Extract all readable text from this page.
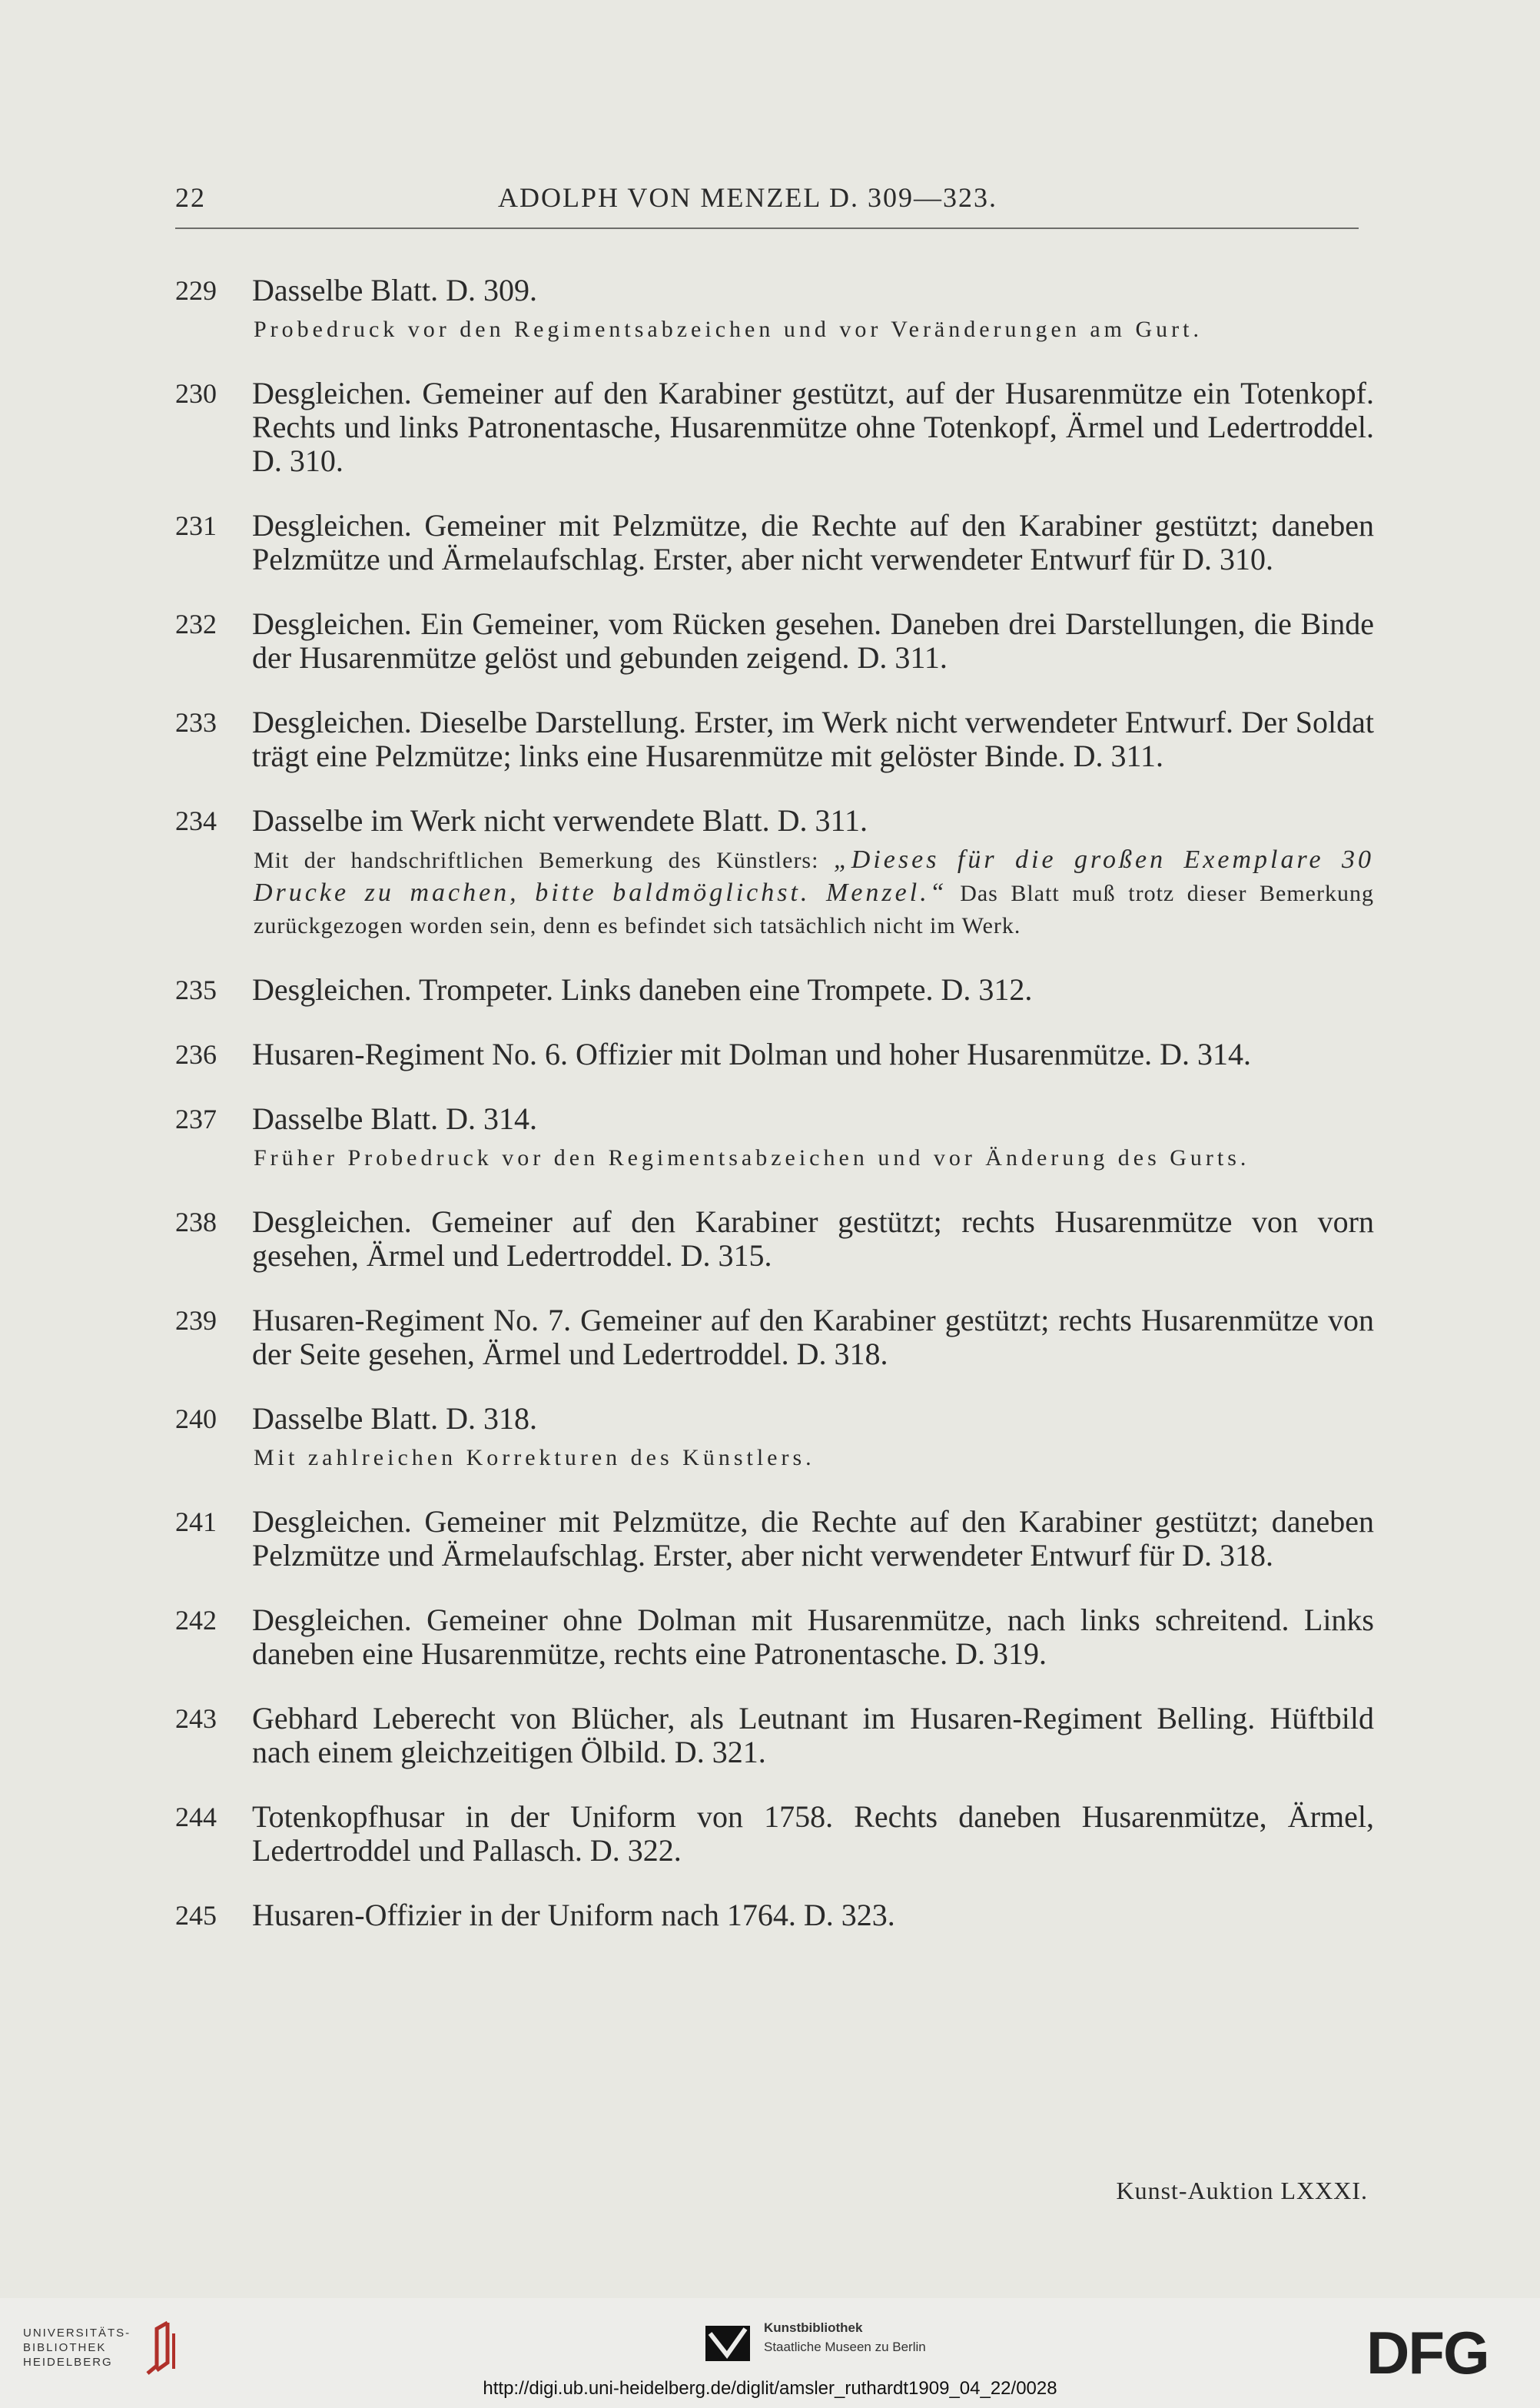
22	ADOLPH VON MENZEL D. 309—323.
229	Dasselbe Blatt. D. 309.
Probedruck vor den Regimentsabzeichen und vor Veränderungen am Gurt.
230	Desgleichen. Gemeiner auf den Karabiner gestützt, auf der Husarenmütze ein Totenkopf. Rechts und links Patronentasche, Husarenmütze ohne Totenkopf, Ärmel und Ledertroddel. D. 310.
231	Desgleichen. Gemeiner mit Pelzmütze, die Rechte auf den Karabiner gestützt; daneben Pelzmütze und Ärmelaufschlag. Erster, aber nicht verwendeter Entwurf für D. 310.
232	Desgleichen. Ein Gemeiner, vom Rücken gesehen. Daneben drei Darstellungen, die Binde der Husarenmütze gelöst und gebunden zeigend. D. 311.
233	Desgleichen. Dieselbe Darstellung. Erster, im Werk nicht verwendeter Entwurf. Der Soldat trägt eine Pelzmütze; links eine Husarenmütze mit gelöster Binde. D. 311.
234	Dasselbe im Werk nicht verwendete Blatt. D. 311.
Mit der handschriftlichen Bemerkung des Künstlers: „Dieses für die großen Exemplare 30 Drucke zu machen, bitte baldmöglichst. Menzel.“ Das Blatt muß trotz dieser Bemerkung zurückgezogen worden sein, denn es befindet sich tatsächlich nicht im Werk.
235	Desgleichen. Trompeter. Links daneben eine Trompete. D. 312.
236	Husaren-Regiment No. 6. Offizier mit Dolman und hoher Husarenmütze. D. 314.
237	Dasselbe Blatt. D. 314.
Früher Probedruck vor den Regimentsabzeichen und vor Änderung des Gurts.
238	Desgleichen. Gemeiner auf den Karabiner gestützt; rechts Husarenmütze von vorn gesehen, Ärmel und Ledertroddel. D. 315.
239	Husaren-Regiment No. 7. Gemeiner auf den Karabiner gestützt; rechts Husarenmütze von der Seite gesehen, Ärmel und Ledertroddel. D. 318.
240	Dasselbe Blatt. D. 318.
Mit zahlreichen Korrekturen des Künstlers.
241	Desgleichen. Gemeiner mit Pelzmütze, die Rechte auf den Karabiner gestützt; daneben Pelzmütze und Ärmelaufschlag. Erster, aber nicht verwendeter Entwurf für D. 318.
242	Desgleichen. Gemeiner ohne Dolman mit Husarenmütze, nach links schreitend. Links daneben eine Husarenmütze, rechts eine Patronentasche. D. 319.
243	Gebhard Leberecht von Blücher, als Leutnant im Husaren-Regiment Belling. Hüftbild nach einem gleichzeitigen Ölbild. D. 321.
244	Totenkopfhusar in der Uniform von 1758. Rechts daneben Husarenmütze, Ärmel, Ledertroddel und Pallasch. D. 322.
245	Husaren-Offizier in der Uniform nach 1764. D. 323.
Kunst-Auktion LXXXI.
UNIVERSITÄTS-
BIBLIOTHEK
HEIDELBERG
Kunstbibliothek
Staatliche Museen zu Berlin	DFG
http://digi.ub.uni-heidelberg.de/diglit/amsler_ruthardt1909_04_22/0028
